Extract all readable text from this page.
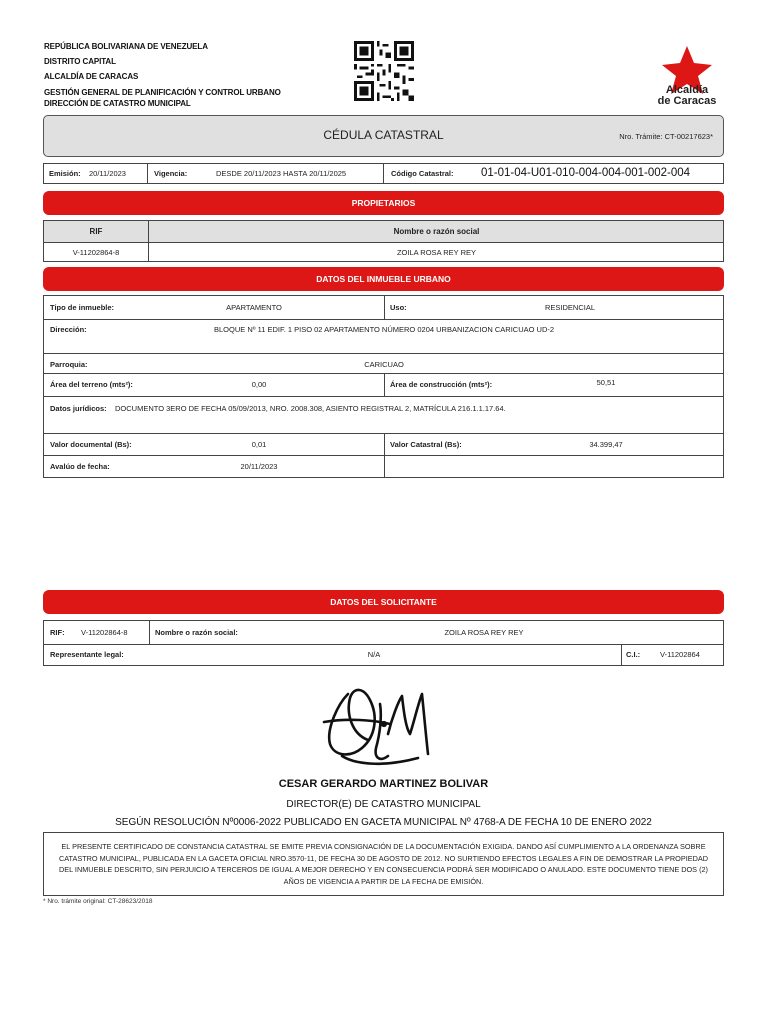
REPÚBLICA BOLIVARIANA DE VENEZUELA
DISTRITO CAPITAL
ALCALDÍA DE CARACAS
GESTIÓN GENERAL DE PLANIFICACIÓN Y CONTROL URBANO
DIRECCIÓN DE CATASTRO MUNICIPAL
Alcaldía
de Caracas
CÉDULA CATASTRAL	Nro. Trámite: CT-00217623*
Emisión: 20/11/2023	Vigencia:	DESDE 20/11/2023 HASTA 20/11/2025	Código Catastral: 01-01-04-U01-010-004-004-001-002-004
PROPIETARIOS
RIF	Nombre o razón social
V-11202864-8	ZOILA ROSA REY REY
DATOS DEL INMUEBLE URBANO
Tipo de inmueble:	APARTAMENTO	Uso:	RESIDENCIAL
Dirección:	BLOQUE Nº 11 EDIF. 1 PISO 02 APARTAMENTO NÚMERO 0204 URBANIZACION CARICUAO UD-2
Parroquia:	CARICUAO
Área del terreno (mts²):	0,00	Área de construcción (mts²):	50,51
Datos jurídicos: DOCUMENTO 3ERO DE FECHA 05/09/2013, NRO. 2008.308, ASIENTO REGISTRAL 2, MATRÍCULA 216.1.1.17.64.
Valor documental (Bs):	0,01	Valor Catastral (Bs):	34.399,47
Avalúo de fecha:	20/11/2023
DATOS DEL SOLICITANTE
RIF: V-11202864-8	Nombre o razón social:	ZOILA ROSA REY REY
Representante legal:	N/A	C.I.:	V-11202864
CESAR GERARDO MARTINEZ BOLIVAR
DIRECTOR(E) DE CATASTRO MUNICIPAL
SEGÚN RESOLUCIÓN Nº0006-2022 PUBLICADO EN GACETA MUNICIPAL Nº 4768-A DE FECHA 10 DE ENERO 2022
EL PRESENTE CERTIFICADO DE CONSTANCIA CATASTRAL SE EMITE PREVIA CONSIGNACIÓN DE LA DOCUMENTACIÓN EXIGIDA. DANDO ASÍ CUMPLIMIENTO A LA ORDENANZA SOBRE CATASTRO MUNICIPAL, PUBLICADA EN LA GACETA OFICIAL NRO.3570-11, DE FECHA 30 DE AGOSTO DE 2012. NO SURTIENDO EFECTOS LEGALES A FIN DE DEMOSTRAR LA PROPIEDAD DEL INMUEBLE DESCRITO, SIN PERJUICIO A TERCEROS DE IGUAL A MEJOR DERECHO Y EN CONSECUENCIA PODRÁ SER MODIFICADO O ANULADO. ESTE DOCUMENTO TIENE DOS (2) AÑOS DE VIGENCIA A PARTIR DE LA FECHA DE EMISIÓN.
* Nro. trámite original: CT-28623/2018
